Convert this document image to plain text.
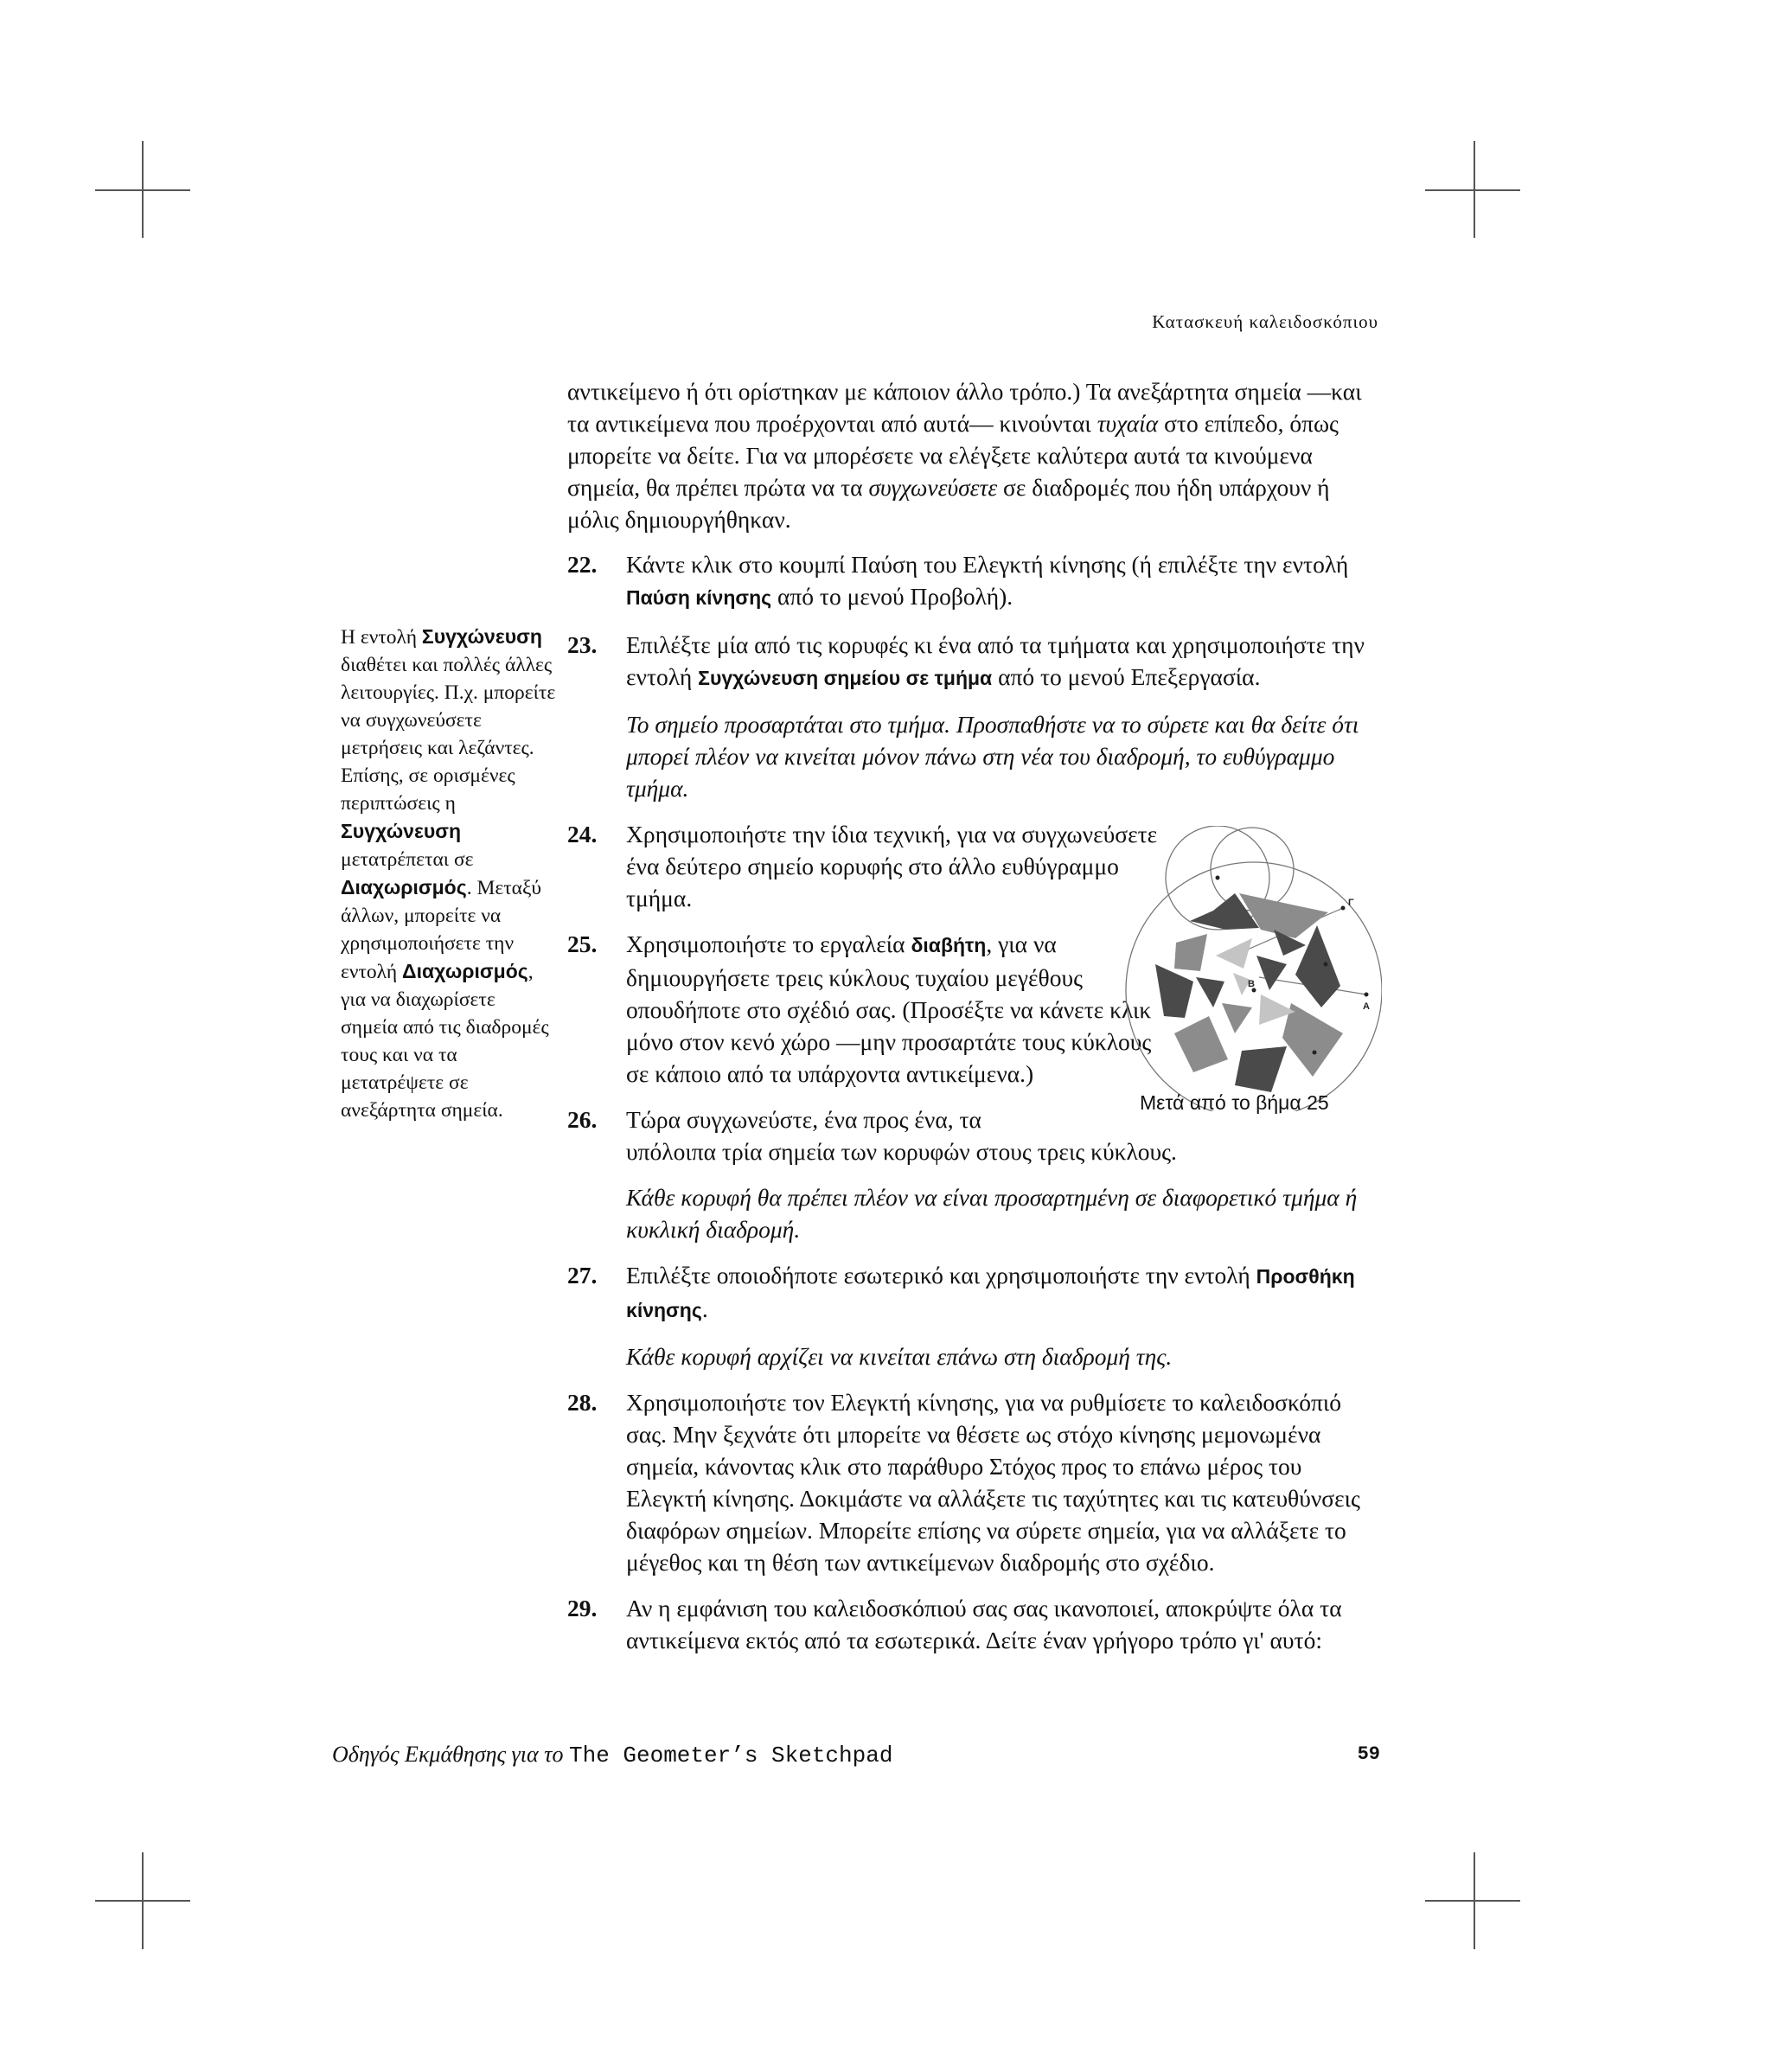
Κατασκευή καλειδοσκόπιου
Η εντολή Συγχώνευση διαθέτει και πολλές άλλες λειτουργίες. Π.χ. μπορείτε να συγχωνεύσετε μετρήσεις και λεζάντες. Επίσης, σε ορισμένες περιπτώσεις η Συγχώνευση μετατρέπεται σε Διαχωρισμός. Μεταξύ άλλων, μπορείτε να χρησιμοποιήσετε την εντολή Διαχωρισμός, για να διαχωρίσετε σημεία από τις διαδρομές τους και να τα μετατρέψετε σε ανεξάρτητα σημεία.

αντικείμενο ή ότι ορίστηκαν με κάποιον άλλο τρόπο.) Τα ανεξάρτητα σημεία —και τα αντικείμενα που προέρχονται από αυτά— κινούνται τυχαία στο επίπεδο, όπως μπορείτε να δείτε. Για να μπορέσετε να ελέγξετε καλύτερα αυτά τα κινούμενα σημεία, θα πρέπει πρώτα να τα συγχωνεύσετε σε διαδρομές που ήδη υπάρχουν ή μόλις δημιουργήθηκαν.

22. Κάντε κλικ στο κουμπί Παύση του Ελεγκτή κίνησης (ή επιλέξτε την εντολή Παύση κίνησης από το μενού Προβολή).
23. Επιλέξτε μία από τις κορυφές κι ένα από τα τμήματα και χρησιμοποιήστε την εντολή Συγχώνευση σημείου σε τμήμα από το μενού Επεξεργασία.

Το σημείο προσαρτάται στο τμήμα. Προσπαθήστε να το σύρετε και θα δείτε ότι μπορεί πλέον να κινείται μόνον πάνω στη νέα του διαδρομή, το ευθύγραμμο τμήμα.

24. Χρησιμοποιήστε την ίδια τεχνική, για να συγχωνεύσετε ένα δεύτερο σημείο κορυφής στο άλλο ευθύγραμμο τμήμα.
25. Χρησιμοποιήστε το εργαλεία διαβήτη, για να δημιουργήσετε τρεις κύκλους τυχαίου μεγέθους οπουδήποτε στο σχέδιό σας. (Προσέξτε να κάνετε κλικ μόνο στον κενό χώρο —μην προσαρτάτε τους κύκλους σε κάποιο από τα υπάρχοντα αντικείμενα.)
26. Τώρα συγχωνεύστε, ένα προς ένα, τα
υπόλοιπα τρία σημεία των κορυφών στους τρεις κύκλους.

Κάθε κορυφή θα πρέπει πλέον να είναι προσαρτημένη σε διαφορετικό τμήμα ή κυκλική διαδρομή.

27. Επιλέξτε οποιοδήποτε εσωτερικό και χρησιμοποιήστε την εντολή Προσθήκη κίνησης.

Κάθε κορυφή αρχίζει να κινείται επάνω στη διαδρομή της.

28. Χρησιμοποιήστε τον Ελεγκτή κίνησης, για να ρυθμίσετε το καλειδοσκόπιό σας. Μην ξεχνάτε ότι μπορείτε να θέσετε ως στόχο κίνησης μεμονωμένα σημεία, κάνοντας κλικ στο παράθυρο Στόχος προς το επάνω μέρος του Ελεγκτή κίνησης. Δοκιμάστε να αλλάξετε τις ταχύτητες και τις κατευθύνσεις διαφόρων σημείων. Μπορείτε επίσης να σύρετε σημεία, για να αλλάξετε το μέγεθος και τη θέση των αντικείμενων διαδρομής στο σχέδιο.
29. Αν η εμφάνιση του καλειδοσκόπιού σας σας ικανοποιεί, αποκρύψτε όλα τα αντικείμενα εκτός από τα εσωτερικά. Δείτε έναν γρήγορο τρόπο γι' αυτό:
Γ
Β
Α
Μετά από το βήμα 25
Οδηγός Εκμάθησης για το The Geometer’s Sketchpad	59
